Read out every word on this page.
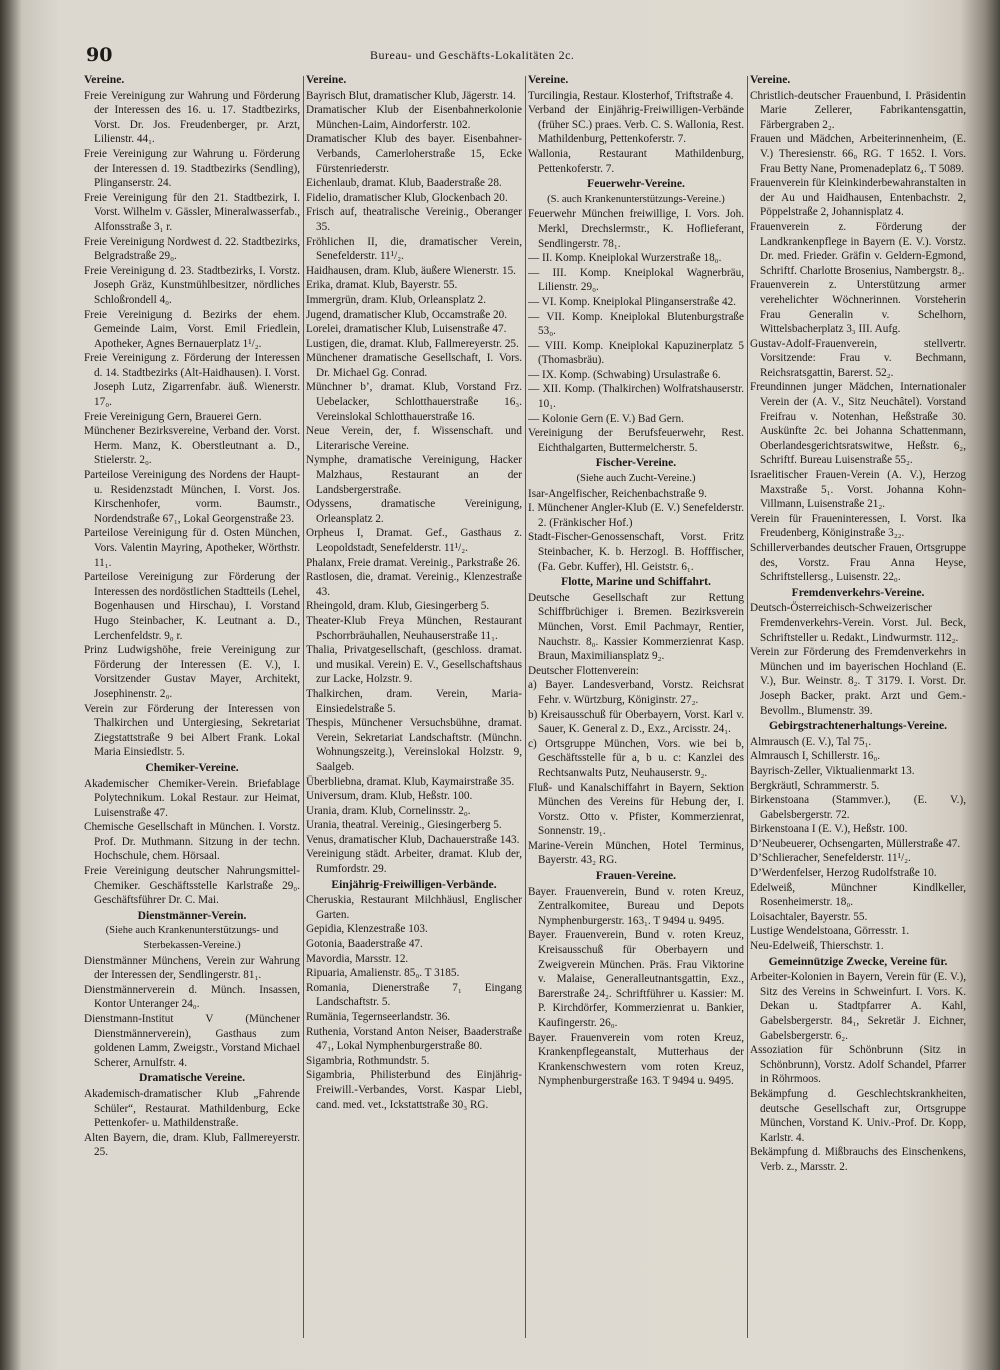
90	Bureau- und Geschäfts-Lokalitäten 2c.
Vereine.
Freie Vereinigung zur Wahrung und Förderung der Interessen des 16. u. 17. Stadtbezirks, Vorst. Dr. Jos. Freudenberger, pr. Arzt, Lilienstr. 44₁.
Freie Vereinigung zur Wahrung u. Förderung der Interessen d. 19. Stadtbezirks (Sendling), Plinganserstr. 24.
Freie Vereinigung für den 21. Stadtbezirk, I. Vorst. Wilhelm v. Gässler, Mineralwasserfab., Alfonsstraße 3₁ r.
Freie Vereinigung Nordwest d. 22. Stadtbezirks, Belgradstraße 29₀.
Freie Vereinigung d. 23. Stadtbezirks, I. Vorstz. Joseph Gräz, Kunstmühlbesitzer, nördliches Schloßrondell 4₀.
Freie Vereinigung d. Bezirks der ehem. Gemeinde Laim, Vorst. Emil Friedlein, Apotheker, Agnes Bernauerplatz 1¹/₂.
Freie Vereinigung z. Förderung der Interessen d. 14. Stadtbezirks (Alt-Haidhausen). I. Vorst. Joseph Lutz, Zigarrenfabr. äuß. Wienerstr. 17₀.
Freie Vereinigung Gern, Brauerei Gern.
Münchener Bezirksvereine, Verband der. Vorst. Herm. Manz, K. Oberstleutnant a. D., Stielerstr. 2₀.
Parteilose Vereinigung des Nordens der Haupt- u. Residenzstadt München, I. Vorst. Jos. Kirschenhofer, vorm. Baumstr., Nordendstraße 67₁, Lokal Georgenstraße 23.
Parteilose Vereinigung für d. Osten München, Vors. Valentin Mayring, Apotheker, Wörthstr. 11₁.
Parteilose Vereinigung zur Förderung der Interessen des nordöstlichen Stadtteils (Lehel, Bogenhausen und Hirschau), I. Vorstand Hugo Steinbacher, K. Leutnant a. D., Lerchenfeldstr. 9₀ r.
Prinz Ludwigshöhe, freie Vereinigung zur Förderung der Interessen (E. V.), I. Vorsitzender Gustav Mayer, Architekt, Josephinenstr. 2₀.
Verein zur Förderung der Interessen von Thalkirchen und Untergiesing, Sekretariat Ziegstattstraße 9 bei Albert Frank. Lokal Maria Einsiedlstr. 5.
Chemiker-Vereine.
Akademischer Chemiker-Verein. Briefablage Polytechnikum. Lokal Restaur. zur Heimat, Luisenstraße 47.
Chemische Gesellschaft in München. I. Vorstz. Prof. Dr. Muthmann. Sitzung in der techn. Hochschule, chem. Hörsaal.
Freie Vereinigung deutscher Nahrungsmittel-Chemiker. Geschäftsstelle Karlstraße 29₀. Geschäftsführer Dr. C. Mai.
Dienstmänner-Verein.
(Siehe auch Krankenunterstützungs- und Sterbekassen-Vereine.)
Dienstmänner Münchens, Verein zur Wahrung der Interessen der, Sendlingerstr. 81₁.
Dienstmännerverein d. Münch. Insassen, Kontor Unteranger 24₀.
Dienstmann-Institut V (Münchener Dienstmännerverein), Gasthaus zum goldenen Lamm, Zweigstr., Vorstand Michael Scherer, Arnulfstr. 4.
Dramatische Vereine.
Akademisch-dramatischer Klub „Fahrende Schüler“, Restaurat. Mathildenburg, Ecke Pettenkofer- u. Mathildenstraße.
Alten Bayern, die, dram. Klub, Fallmereyerstr. 25.
Vereine.
Bayrisch Blut, dramatischer Klub, Jägerstr. 14.
Dramatischer Klub der Eisenbahnerkolonie München-Laim, Aindorferstr. 102.
Dramatischer Klub des bayer. Eisenbahner-Verbands, Camerloherstraße 15, Ecke Fürstenriederstr.
Eichenlaub, dramat. Klub, Baaderstraße 28.
Fidelio, dramatischer Klub, Glockenbach 20.
Frisch auf, theatralische Vereinig., Oberanger 35.
Fröhlichen II, die, dramatischer Verein, Senefelderstr. 11¹/₂.
Haidhausen, dram. Klub, äußere Wienerstr. 15.
Erika, dramat. Klub, Bayerstr. 55.
Immergrün, dram. Klub, Orleansplatz 2.
Jugend, dramatischer Klub, Occamstraße 20.
Lorelei, dramatischer Klub, Luisenstraße 47.
Lustigen, die, dramat. Klub, Fallmereyerstr. 25.
Münchener dramatische Gesellschaft, I. Vors. Dr. Michael Gg. Conrad.
Münchner b’, dramat. Klub, Vorstand Frz. Uebelacker, Schlotthauerstraße 16₃. Vereinslokal Schlotthauerstraße 16.
Neue Verein, der, f. Wissenschaft. und Literarische Vereine.
Nymphe, dramatische Vereinigung, Hacker Malzhaus, Restaurant an der Landsbergerstraße.
Odyssens, dramatische Vereinigung, Orleansplatz 2.
Orpheus I, Dramat. Gef., Gasthaus z. Leopoldstadt, Senefelderstr. 11¹/₂.
Phalanx, Freie dramat. Vereinig., Parkstraße 26.
Rastlosen, die, dramat. Vereinig., Klenzestraße 43.
Rheingold, dram. Klub, Giesingerberg 5.
Theater-Klub Freya München, Restaurant Pschorrbräuhallen, Neuhauserstraße 11₁.
Thalia, Privatgesellschaft, (geschloss. dramat. und musikal. Verein) E. V., Gesellschaftshaus zur Lacke, Holzstr. 9.
Thalkirchen, dram. Verein, Maria-Einsiedelstraße 5.
Thespis, Münchener Versuchsbühne, dramat. Verein, Sekretariat Landschaftstr. (Münchn. Wohnungszeitg.), Vereinslokal Holzstr. 9, Saalgeb.
Überbliebna, dramat. Klub, Kaymairstraße 35.
Universum, dram. Klub, Heßstr. 100.
Urania, dram. Klub, Cornelinsstr. 2₀.
Urania, theatral. Vereinig., Giesingerberg 5.
Venus, dramatischer Klub, Dachauerstraße 143.
Vereinigung städt. Arbeiter, dramat. Klub der, Rumfordstr. 29.
Einjährig-Freiwilligen-Verbände.
Cheruskia, Restaurant Milchhäusl, Englischer Garten.
Gepidia, Klenzestraße 103.
Gotonia, Baaderstraße 47.
Mavordia, Marsstr. 12.
Ripuaria, Amalienstr. 85₀. T 3185.
Romania, Dienerstraße 7₁ Eingang Landschaftstr. 5.
Rumänia, Tegernseerlandstr. 36.
Ruthenia, Vorstand Anton Neiser, Baaderstraße 47₁, Lokal Nymphenburgerstraße 80.
Sigambria, Rothmundstr. 5.
Sigambria, Philisterbund des Einjährig-Freiwill.-Verbandes, Vorst. Kaspar Liebl, cand. med. vet., Ickstattstraße 30₃ RG.
Vereine.
Turcilingia, Restaur. Klosterhof, Triftstraße 4.
Verband der Einjährig-Freiwilligen-Verbände (früher SC.) praes. Verb. C. S. Wallonia, Rest. Mathildenburg, Pettenkoferstr. 7.
Wallonia, Restaurant Mathildenburg, Pettenkoferstr. 7.
Feuerwehr-Vereine.
(S. auch Krankenunterstützungs-Vereine.)
Feuerwehr München freiwillige, I. Vors. Joh. Merkl, Drechslermstr., K. Hoflieferant, Sendlingerstr. 78₁.
— II. Komp. Kneiplokal Wurzerstraße 18₀.
— III. Komp. Kneiplokal Wagnerbräu, Lilienstr. 29₀.
— VI. Komp. Kneiplokal Plinganserstraße 42.
— VII. Komp. Kneiplokal Blutenburgstraße 53₀.
— VIII. Komp. Kneiplokal Kapuzinerplatz 5 (Thomasbräu).
— IX. Komp. (Schwabing) Ursulastraße 6.
— XII. Komp. (Thalkirchen) Wolfratshauserstr. 10₁.
— Kolonie Gern (E. V.) Bad Gern.
Vereinigung der Berufsfeuerwehr, Rest. Eichthalgarten, Buttermelcherstr. 5.
Fischer-Vereine.
(Siehe auch Zucht-Vereine.)
Isar-Angelfischer, Reichenbachstraße 9.
I. Münchener Angler-Klub (E. V.) Senefelderstr. 2. (Fränkischer Hof.)
Stadt-Fischer-Genossenschaft, Vorst. Fritz Steinbacher, K. b. Herzogl. B. Hofffischer, (Fa. Gebr. Kuffer), Hl. Geiststr. 6₁.
Flotte, Marine und Schiffahrt.
Deutsche Gesellschaft zur Rettung Schiffbrüchiger i. Bremen. Bezirksverein München, Vorst. Emil Pachmayr, Rentier, Nauchstr. 8₀. Kassier Kommerzienrat Kasp. Braun, Maximiliansplatz 9₂.
Deutscher Flottenverein:
a) Bayer. Landesverband, Vorstz. Reichsrat Fehr. v. Würtzburg, Königinstr. 27₂.
b) Kreisausschuß für Oberbayern, Vorst. Karl v. Sauer, K. General z. D., Exz., Arcisstr. 24₁.
c) Ortsgruppe München, Vors. wie bei b, Geschäftsstelle für a, b u. c: Kanzlei des Rechtsanwalts Putz, Neuhauserstr. 9₂.
Fluß- und Kanalschiffahrt in Bayern, Sektion München des Vereins für Hebung der, I. Vorstz. Otto v. Pfister, Kommerzienrat, Sonnenstr. 19₁.
Marine-Verein München, Hotel Terminus, Bayerstr. 43₂ RG.
Frauen-Vereine.
Bayer. Frauenverein, Bund v. roten Kreuz, Zentralkomitee, Bureau und Depots Nymphenburgerstr. 163₁. T 9494 u. 9495.
Bayer. Frauenverein, Bund v. roten Kreuz, Kreisausschuß für Oberbayern und Zweigverein München. Präs. Frau Viktorine v. Malaise, Generalleutnantsgattin, Exz., Barerstraße 24₂. Schriftführer u. Kassier: M. P. Kirchdörfer, Kommerzienrat u. Bankier, Kaufingerstr. 26₀.
Bayer. Frauenverein vom roten Kreuz, Krankenpflegeanstalt, Mutterhaus der Krankenschwestern vom roten Kreuz, Nymphenburgerstraße 163. T 9494 u. 9495.
Vereine.
Christlich-deutscher Frauenbund, I. Präsidentin Marie Zellerer, Fabrikantensgattin, Färbergraben 2₂.
Frauen und Mädchen, Arbeiterinnenheim, (E. V.) Theresienstr. 66₀ RG. T 1652. I. Vors. Frau Betty Nane, Promenadeplatz 6₄. T 5089.
Frauenverein für Kleinkinderbewahranstalten in der Au und Haidhausen, Entenbachstr. 2, Pöppelstraße 2, Johannisplatz 4.
Frauenverein z. Förderung der Landkrankenpflege in Bayern (E. V.). Vorstz. Dr. med. Frieder. Gräfin v. Geldern-Egmond, Schriftf. Charlotte Brosenius, Nambergstr. 8₂.
Frauenverein z. Unterstützung armer verehelichter Wöchnerinnen. Vorsteherin Frau Generalin v. Schelhorn, Wittelsbacherplatz 3₃ III. Aufg.
Gustav-Adolf-Frauenverein, stellvertr. Vorsitzende: Frau v. Bechmann, Reichsratsgattin, Barerst. 52₂.
Freundinnen junger Mädchen, Internationaler Verein der (A. V., Sitz Neuchâtel). Vorstand Freifrau v. Notenhan, Heßstraße 30. Auskünfte 2c. bei Johanna Schattenmann, Oberlandesgerichtsratswitwe, Heßstr. 6₂, Schriftf. Bureau Luisenstraße 55₂.
Israelitischer Frauen-Verein (A. V.), Herzog Maxstraße 5₁. Vorst. Johanna Kohn-Villmann, Luisenstraße 21₂.
Verein für Fraueninteressen, I. Vorst. Ika Freudenberg, Königinstraße 3₂₂.
Schillerverbandes deutscher Frauen, Ortsgruppe des, Vorstz. Frau Anna Heyse, Schriftstellersg., Luisenstr. 22₀.
Fremdenverkehrs-Vereine.
Deutsch-Österreichisch-Schweizerischer Fremdenverkehrs-Verein. Vorst. Jul. Beck, Schriftsteller u. Redakt., Lindwurmstr. 112₂.
Verein zur Förderung des Fremdenverkehrs in München und im bayerischen Hochland (E. V.), Bur. Weinstr. 8₂. T 3179. I. Vorst. Dr. Joseph Backer, prakt. Arzt und Gem.-Bevollm., Blumenstr. 39.
Gebirgstrachtenerhaltungs-Vereine.
Almrausch (E. V.), Tal 75₁.
Almrausch I, Schillerstr. 16₀.
Bayrisch-Zeller, Viktualienmarkt 13.
Bergkräutl, Schrammerstr. 5.
Birkenstoana (Stammver.), (E. V.), Gabelsbergerstr. 72.
Birkenstoana I (E. V.), Heßstr. 100.
D’Neubeuerer, Ochsengarten, Müllerstraße 47.
D’Schlieracher, Senefelderstr. 11¹/₂.
D’Werdenfelser, Herzog Rudolfstraße 10.
Edelweiß, Münchner Kindlkeller, Rosenheimerstr. 18₀.
Loisachtaler, Bayerstr. 55.
Lustige Wendelstoana, Görresstr. 1.
Neu-Edelweiß, Thierschstr. 1.
Gemeinnützige Zwecke, Vereine für.
Arbeiter-Kolonien in Bayern, Verein für (E. V.), Sitz des Vereins in Schweinfurt. I. Vors. K. Dekan u. Stadtpfarrer A. Kahl, Gabelsbergerstr. 84₁, Sekretär J. Eichner, Gabelsbergerstr. 6₂.
Assoziation für Schönbrunn (Sitz in Schönbrunn), Vorstz. Adolf Schandel, Pfarrer in Röhrmoos.
Bekämpfung d. Geschlechtskrankheiten, deutsche Gesellschaft zur, Ortsgruppe München, Vorstand K. Univ.-Prof. Dr. Kopp, Karlstr. 4.
Bekämpfung d. Mißbrauchs des Einschenkens, Verb. z., Marsstr. 2.
